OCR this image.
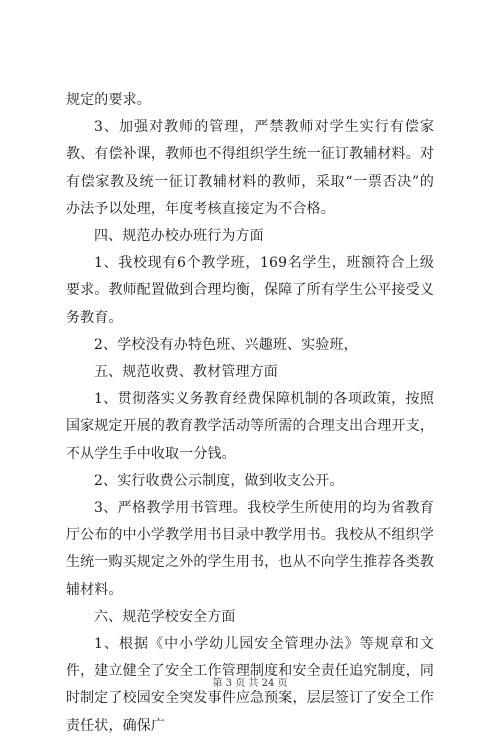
规定的要求。

3、加强对教师的管理，严禁教师对学生实行有偿家教、有偿补课，教师也不得组织学生统一征订教辅材料。对有偿家教及统一征订教辅材料的教师，采取“一票否决”的办法予以处理，年度考核直接定为不合格。

四、规范办校办班行为方面

1、我校现有6个教学班，169名学生，班额符合上级要求。教师配置做到合理均衡，保障了所有学生公平接受义务教育。

2、学校没有办特色班、兴趣班、实验班，

五、规范收费、教材管理方面

1、贯彻落实义务教育经费保障机制的各项政策，按照国家规定开展的教育教学活动等所需的合理支出合理开支，不从学生手中收取一分钱。

2、实行收费公示制度，做到收支公开。

3、严格教学用书管理。我校学生所使用的均为省教育厅公布的中小学教学用书目录中教学用书。我校从不组织学生统一购买规定之外的学生用书，也从不向学生推荐各类教辅材料。

六、规范学校安全方面

1、根据《中小学幼儿园安全管理办法》等规章和文件，建立健全了安全工作管理制度和安全责任追究制度，同时制定了校园安全突发事件应急预案，层层签订了安全工作责任状，确保广

第 3 页 共 24 页
